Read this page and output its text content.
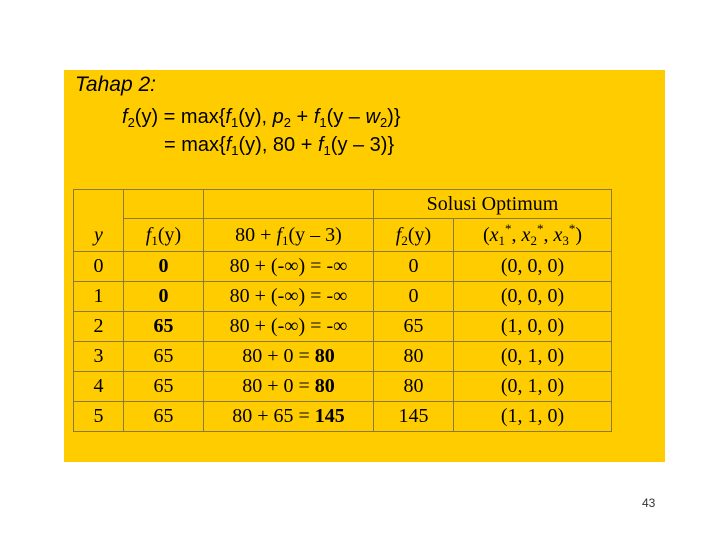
Tahap 2:
$f_2(y) = \max\{f_1(y)$, $p_2 + f_1(y - w_2)$}
= $\max\{f_1(y)$, $80 + f_1(y - 3)$}
y			Solusi Optimum	
	$f_1(y)$	$80 + f_1(y - 3)$	$f_2(y)$	($x_1^*$, $x_2^*$, $x_3^*$)
0	0	80 + (-∞) = -∞	0	(0, 0, 0)
1	0	80 + (-∞) = -∞	0	(0, 0, 0)
2	65	80 + (-∞) = -∞	65	(1, 0, 0)
3	65	80 + 0 = 80	80	(0, 1, 0)
4	65	80 + 0 = 80	80	(0, 1, 0)
5	65	80 + 65 = 145	145	(1, 1, 0)
43
